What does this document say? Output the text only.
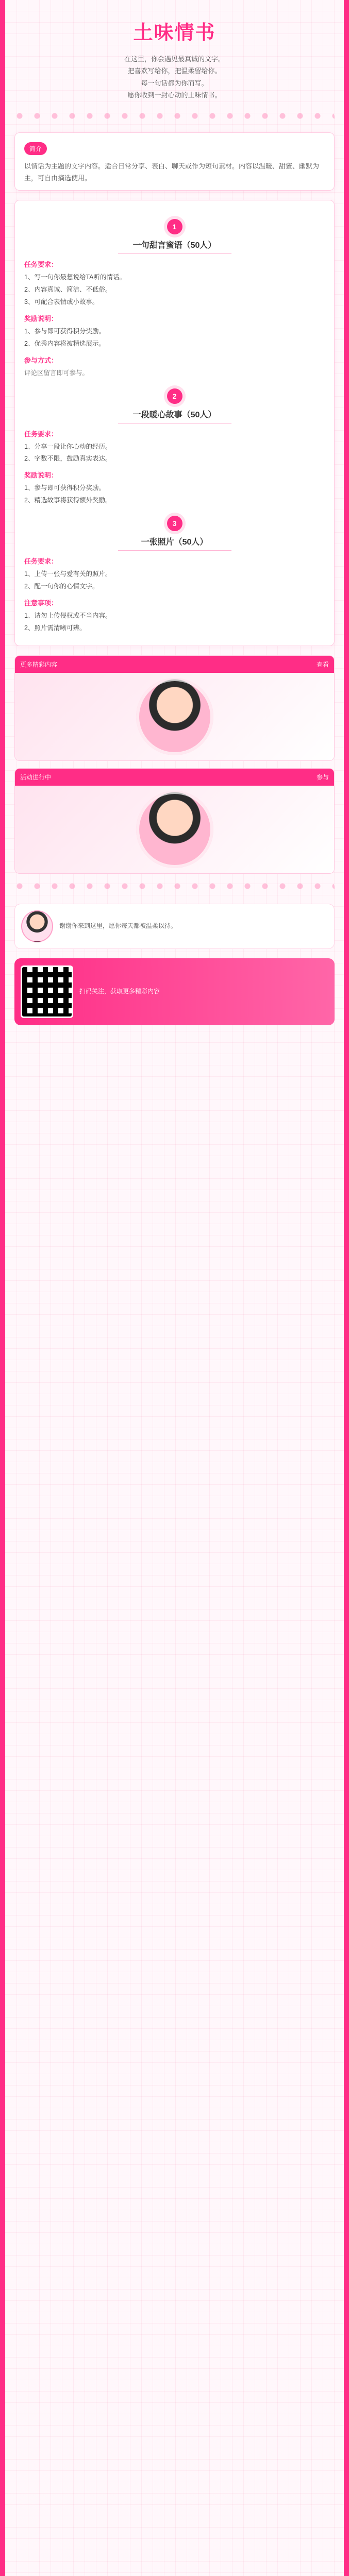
土味情书
在这里，你会遇见最真诚的文字。
把喜欢写给你，把温柔留给你。
每一句话都为你而写。
愿你收到一封心动的土味情书。
简介
以情话为主题的文字内容。适合日常分享、表白、聊天或作为短句素材。内容以温暖、甜蜜、幽默为主，可自由摘选使用。
1
一句甜言蜜语（50人）
任务要求：
1、写一句你最想说给TA听的情话。
2、内容真诚、简洁、不低俗。
3、可配合表情或小故事。
奖励说明：
1、参与即可获得积分奖励。
2、优秀内容将被精选展示。
参与方式：
评论区留言即可参与。
2
一段暖心故事（50人）
任务要求：
1、分享一段让你心动的经历。
2、字数不限，鼓励真实表达。
奖励说明：
1、参与即可获得积分奖励。
2、精选故事将获得额外奖励。
3
一张照片（50人）
任务要求：
1、上传一张与爱有关的照片。
2、配一句你的心情文字。
注意事项：
1、请勿上传侵权或不当内容。
2、照片需清晰可辨。
更多精彩内容	查看
活动进行中	参与
谢谢你来到这里，愿你每天都被温柔以待。
扫码关注，获取更多精彩内容
